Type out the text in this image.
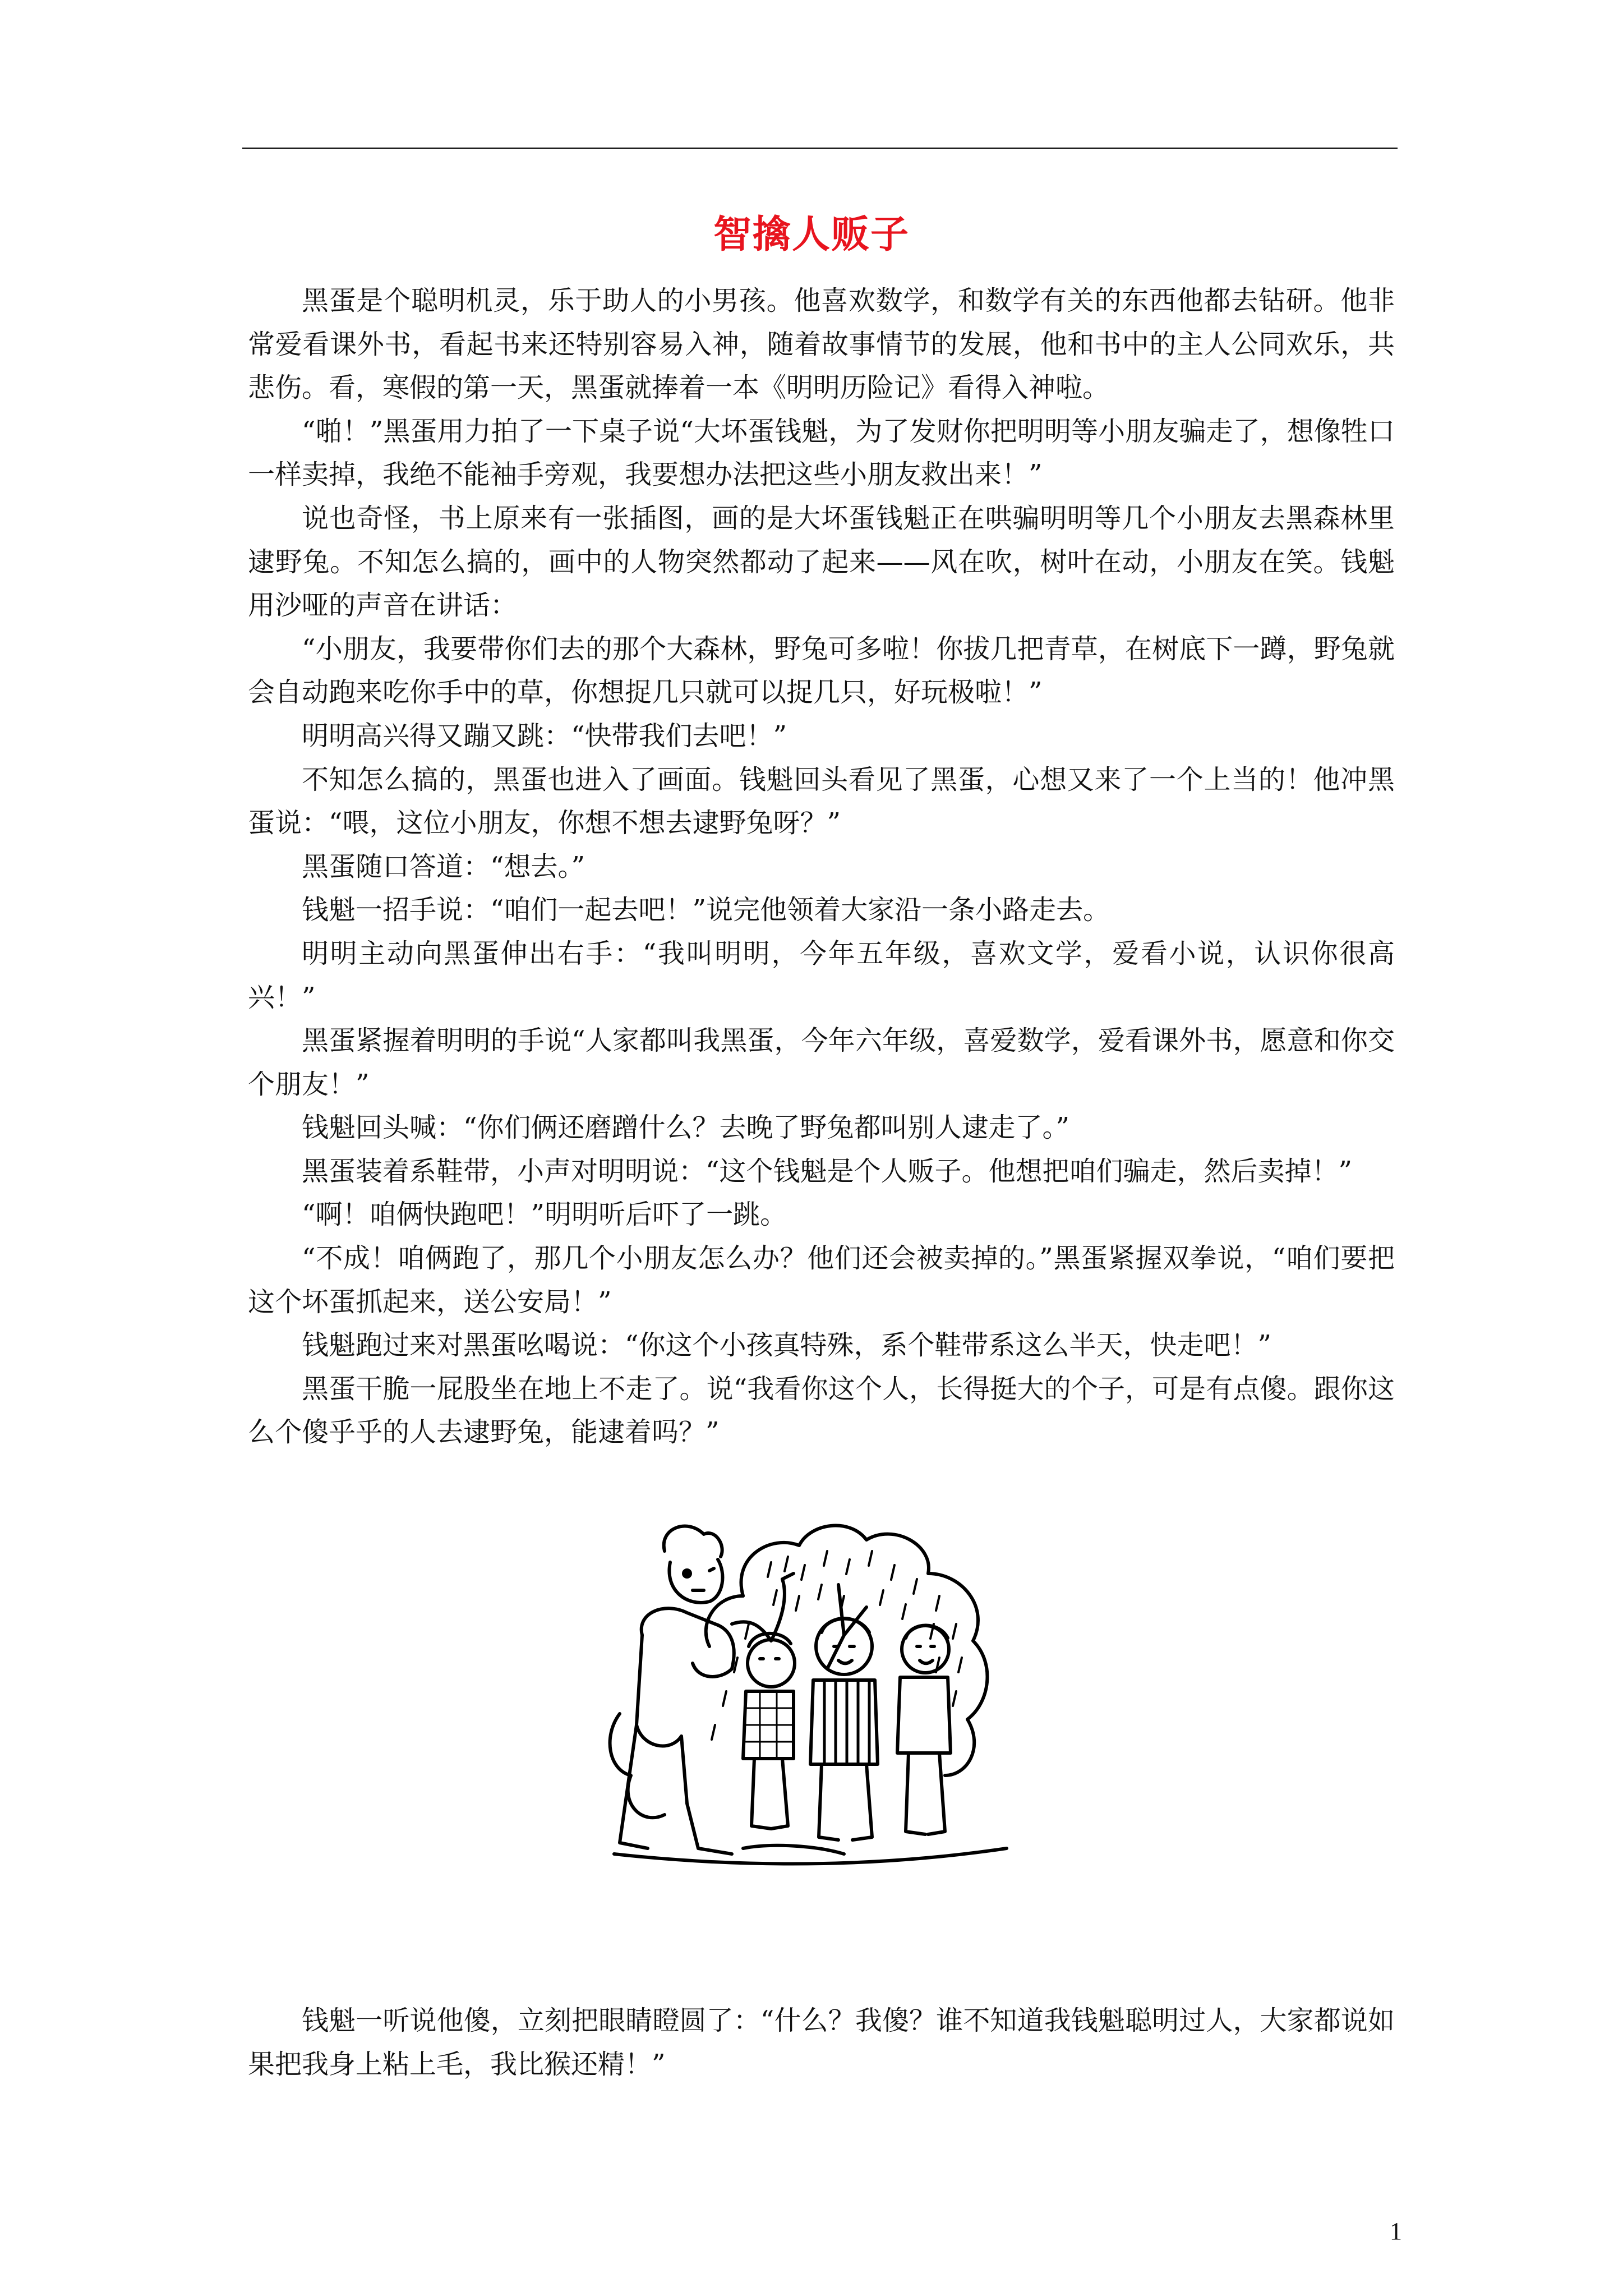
智擒人贩子

黑蛋是个聪明机灵，乐于助人的小男孩。他喜欢数学，和数学有关的东西他都去钻研。他非常爱看课外书，看起书来还特别容易入神，随着故事情节的发展，他和书中的主人公同欢乐，共悲伤。看，寒假的第一天，黑蛋就捧着一本《明明历险记》看得入神啦。

“啪！”黑蛋用力拍了一下桌子说“大坏蛋钱魁，为了发财你把明明等小朋友骗走了，想像牲口一样卖掉，我绝不能袖手旁观，我要想办法把这些小朋友救出来！”

说也奇怪，书上原来有一张插图，画的是大坏蛋钱魁正在哄骗明明等几个小朋友去黑森林里逮野兔。不知怎么搞的，画中的人物突然都动了起来——风在吹，树叶在动，小朋友在笑。钱魁用沙哑的声音在讲话：

“小朋友，我要带你们去的那个大森林，野兔可多啦！你拔几把青草，在树底下一蹲，野兔就会自动跑来吃你手中的草，你想捉几只就可以捉几只，好玩极啦！”

明明高兴得又蹦又跳：“快带我们去吧！”

不知怎么搞的，黑蛋也进入了画面。钱魁回头看见了黑蛋，心想又来了一个上当的！他冲黑蛋说：“喂，这位小朋友，你想不想去逮野兔呀？”

黑蛋随口答道：“想去。”

钱魁一招手说：“咱们一起去吧！”说完他领着大家沿一条小路走去。

明明主动向黑蛋伸出右手：“我叫明明，今年五年级，喜欢文学，爱看小说，认识你很高兴！”

黑蛋紧握着明明的手说“人家都叫我黑蛋，今年六年级，喜爱数学，爱看课外书，愿意和你交个朋友！”

钱魁回头喊：“你们俩还磨蹭什么？去晚了野兔都叫别人逮走了。”

黑蛋装着系鞋带，小声对明明说：“这个钱魁是个人贩子。他想把咱们骗走，然后卖掉！”

“啊！咱俩快跑吧！”明明听后吓了一跳。

“不成！咱俩跑了，那几个小朋友怎么办？他们还会被卖掉的。”黑蛋紧握双拳说，“咱们要把这个坏蛋抓起来，送公安局！”

钱魁跑过来对黑蛋吆喝说：“你这个小孩真特殊，系个鞋带系这么半天，快走吧！”

黑蛋干脆一屁股坐在地上不走了。说“我看你这个人，长得挺大的个子，可是有点傻。跟你这么个傻乎乎的人去逮野兔，能逮着吗？”

钱魁一听说他傻，立刻把眼睛瞪圆了：“什么？我傻？谁不知道我钱魁聪明过人，大家都说如果把我身上粘上毛，我比猴还精！”

1
